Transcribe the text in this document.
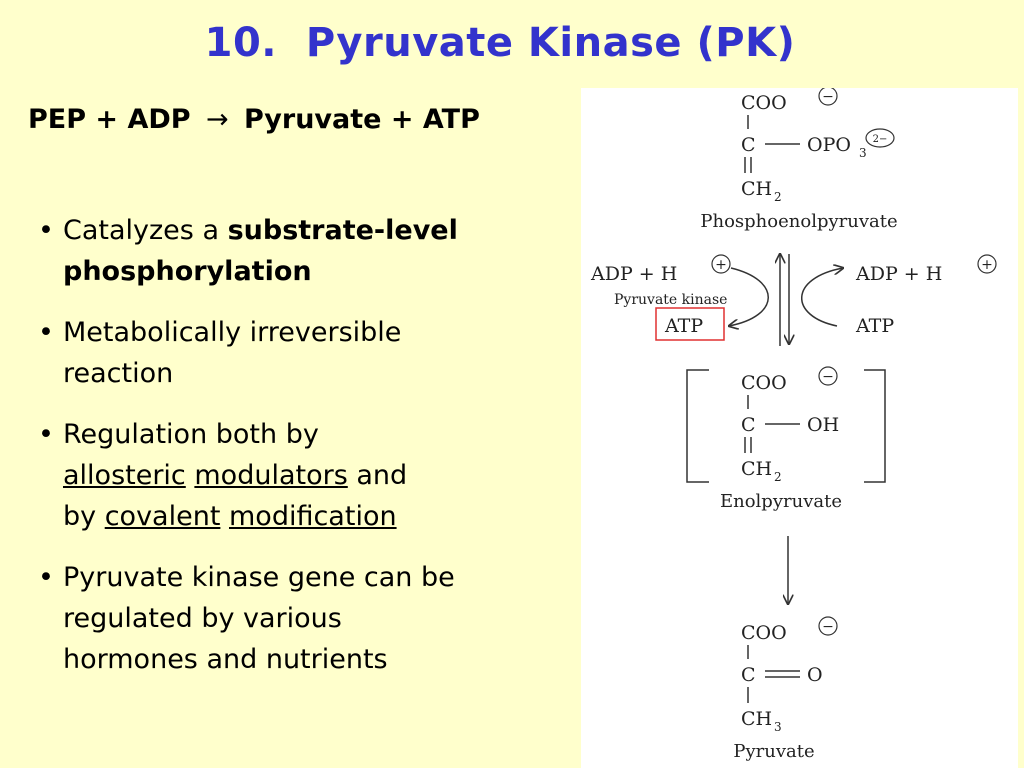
10.  Pyruvate Kinase (PK)
PEP + ADP → Pyruvate + ATP
• Catalyzes a substrate-level
phosphorylation
• Metabolically irreversible
reaction
• Regulation both by
allosteric modulators and
by covalent modification
• Pyruvate kinase gene can be
regulated by various
hormones and nutrients
COO	−
C	OPO 3
2−
CH 2
Phosphoenolpyruvate
ADP + H	+	ADP + H	+
Pyruvate kinase
ATP	ATP
COO	−
C	OH
CH 2
Enolpyruvate
COO	−
C	O
CH 3
Pyruvate
